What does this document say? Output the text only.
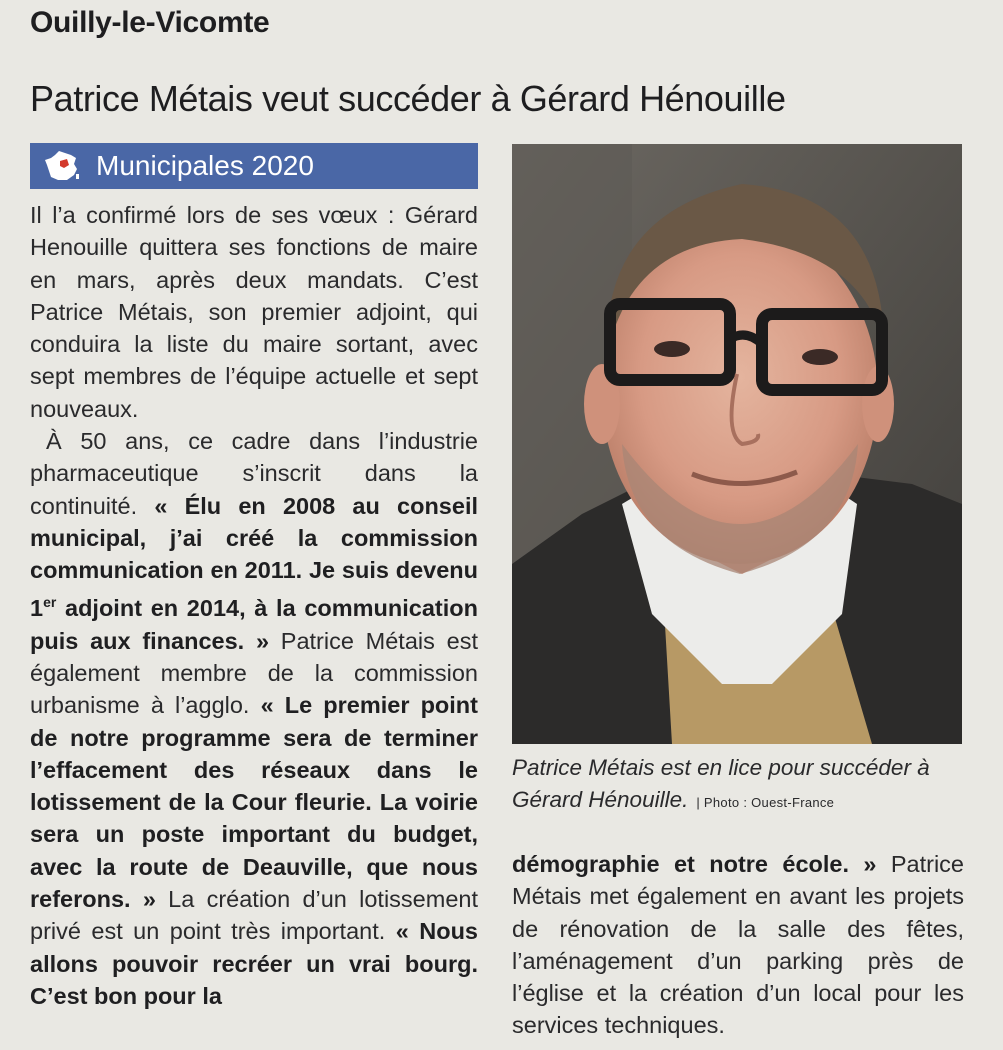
Ouilly-le-Vicomte
Patrice Métais veut succéder à Gérard Hénouille
Municipales 2020

Il l’a confirmé lors de ses vœux : Gérard Henouille quittera ses fonctions de maire en mars, après deux mandats. C’est Patrice Métais, son premier adjoint, qui conduira la liste du maire sortant, avec sept membres de l’équipe actuelle et sept nouveaux.

À 50 ans, ce cadre dans l’industrie pharmaceutique s’inscrit dans la continuité. « Élu en 2008 au conseil municipal, j’ai créé la commission communication en 2011. Je suis devenu 1er adjoint en 2014, à la communication puis aux finances. » Patrice Métais est également membre de la commission urbanisme à l’agglo. « Le premier point de notre programme sera de terminer l’effacement des réseaux dans le lotissement de la Cour fleurie. La voirie sera un poste important du budget, avec la route de Deauville, que nous referons. » La création d’un lotissement privé est un point très important. « Nous allons pouvoir recréer un vrai bourg. C’est bon pour la

Patrice Métais est en lice pour succéder à Gérard Hénouille. | Photo : Ouest-France

démographie et notre école. » Patrice Métais met également en avant les projets de rénovation de la salle des fêtes, l’aménagement d’un parking près de l’église et la création d’un local pour les services techniques.
